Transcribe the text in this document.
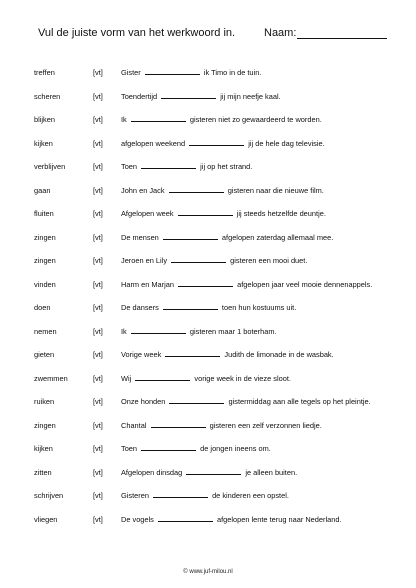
Vul de juiste vorm van het werkwoord in.	Naam:
treffen	[vt] Gister	ik Timo in de tuin.
scheren	[vt] Toendertijd	jij mijn neefje kaal.
blijken	[vt] Ik	gisteren niet zo gewaardeerd te worden.
kijken	[vt] afgelopen weekend	jij de hele dag televisie.
verblijven	[vt] Toen	jij op het strand.
gaan	[vt] John en Jack	gisteren naar die nieuwe film.
fluiten	[vt] Afgelopen week	jij steeds hetzelfde deuntje.
zingen	[vt] De mensen	afgelopen zaterdag allemaal mee.
zingen	[vt] Jeroen en Lily	gisteren een mooi duet.
vinden	[vt] Harm en Marjan	afgelopen jaar veel mooie dennenappels.
doen	[vt] De dansers	toen hun kostuums uit.
nemen	[vt] Ik	gisteren maar 1 boterham.
gieten	[vt] Vorige week	Judith de limonade in de wasbak.
zwemmen	[vt] Wij	vorige week in de vieze sloot.
ruiken	[vt] Onze honden	gistermiddag aan alle tegels op het pleintje.
zingen	[vt] Chantal	gisteren een zelf verzonnen liedje.
kijken	[vt] Toen	de jongen ineens om.
zitten	[vt] Afgelopen dinsdag	je alleen buiten.
schrijven	[vt] Gisteren	de kinderen een opstel.
vliegen	[vt] De vogels	afgelopen lente terug naar Nederland.
© www.juf-milou.nl
